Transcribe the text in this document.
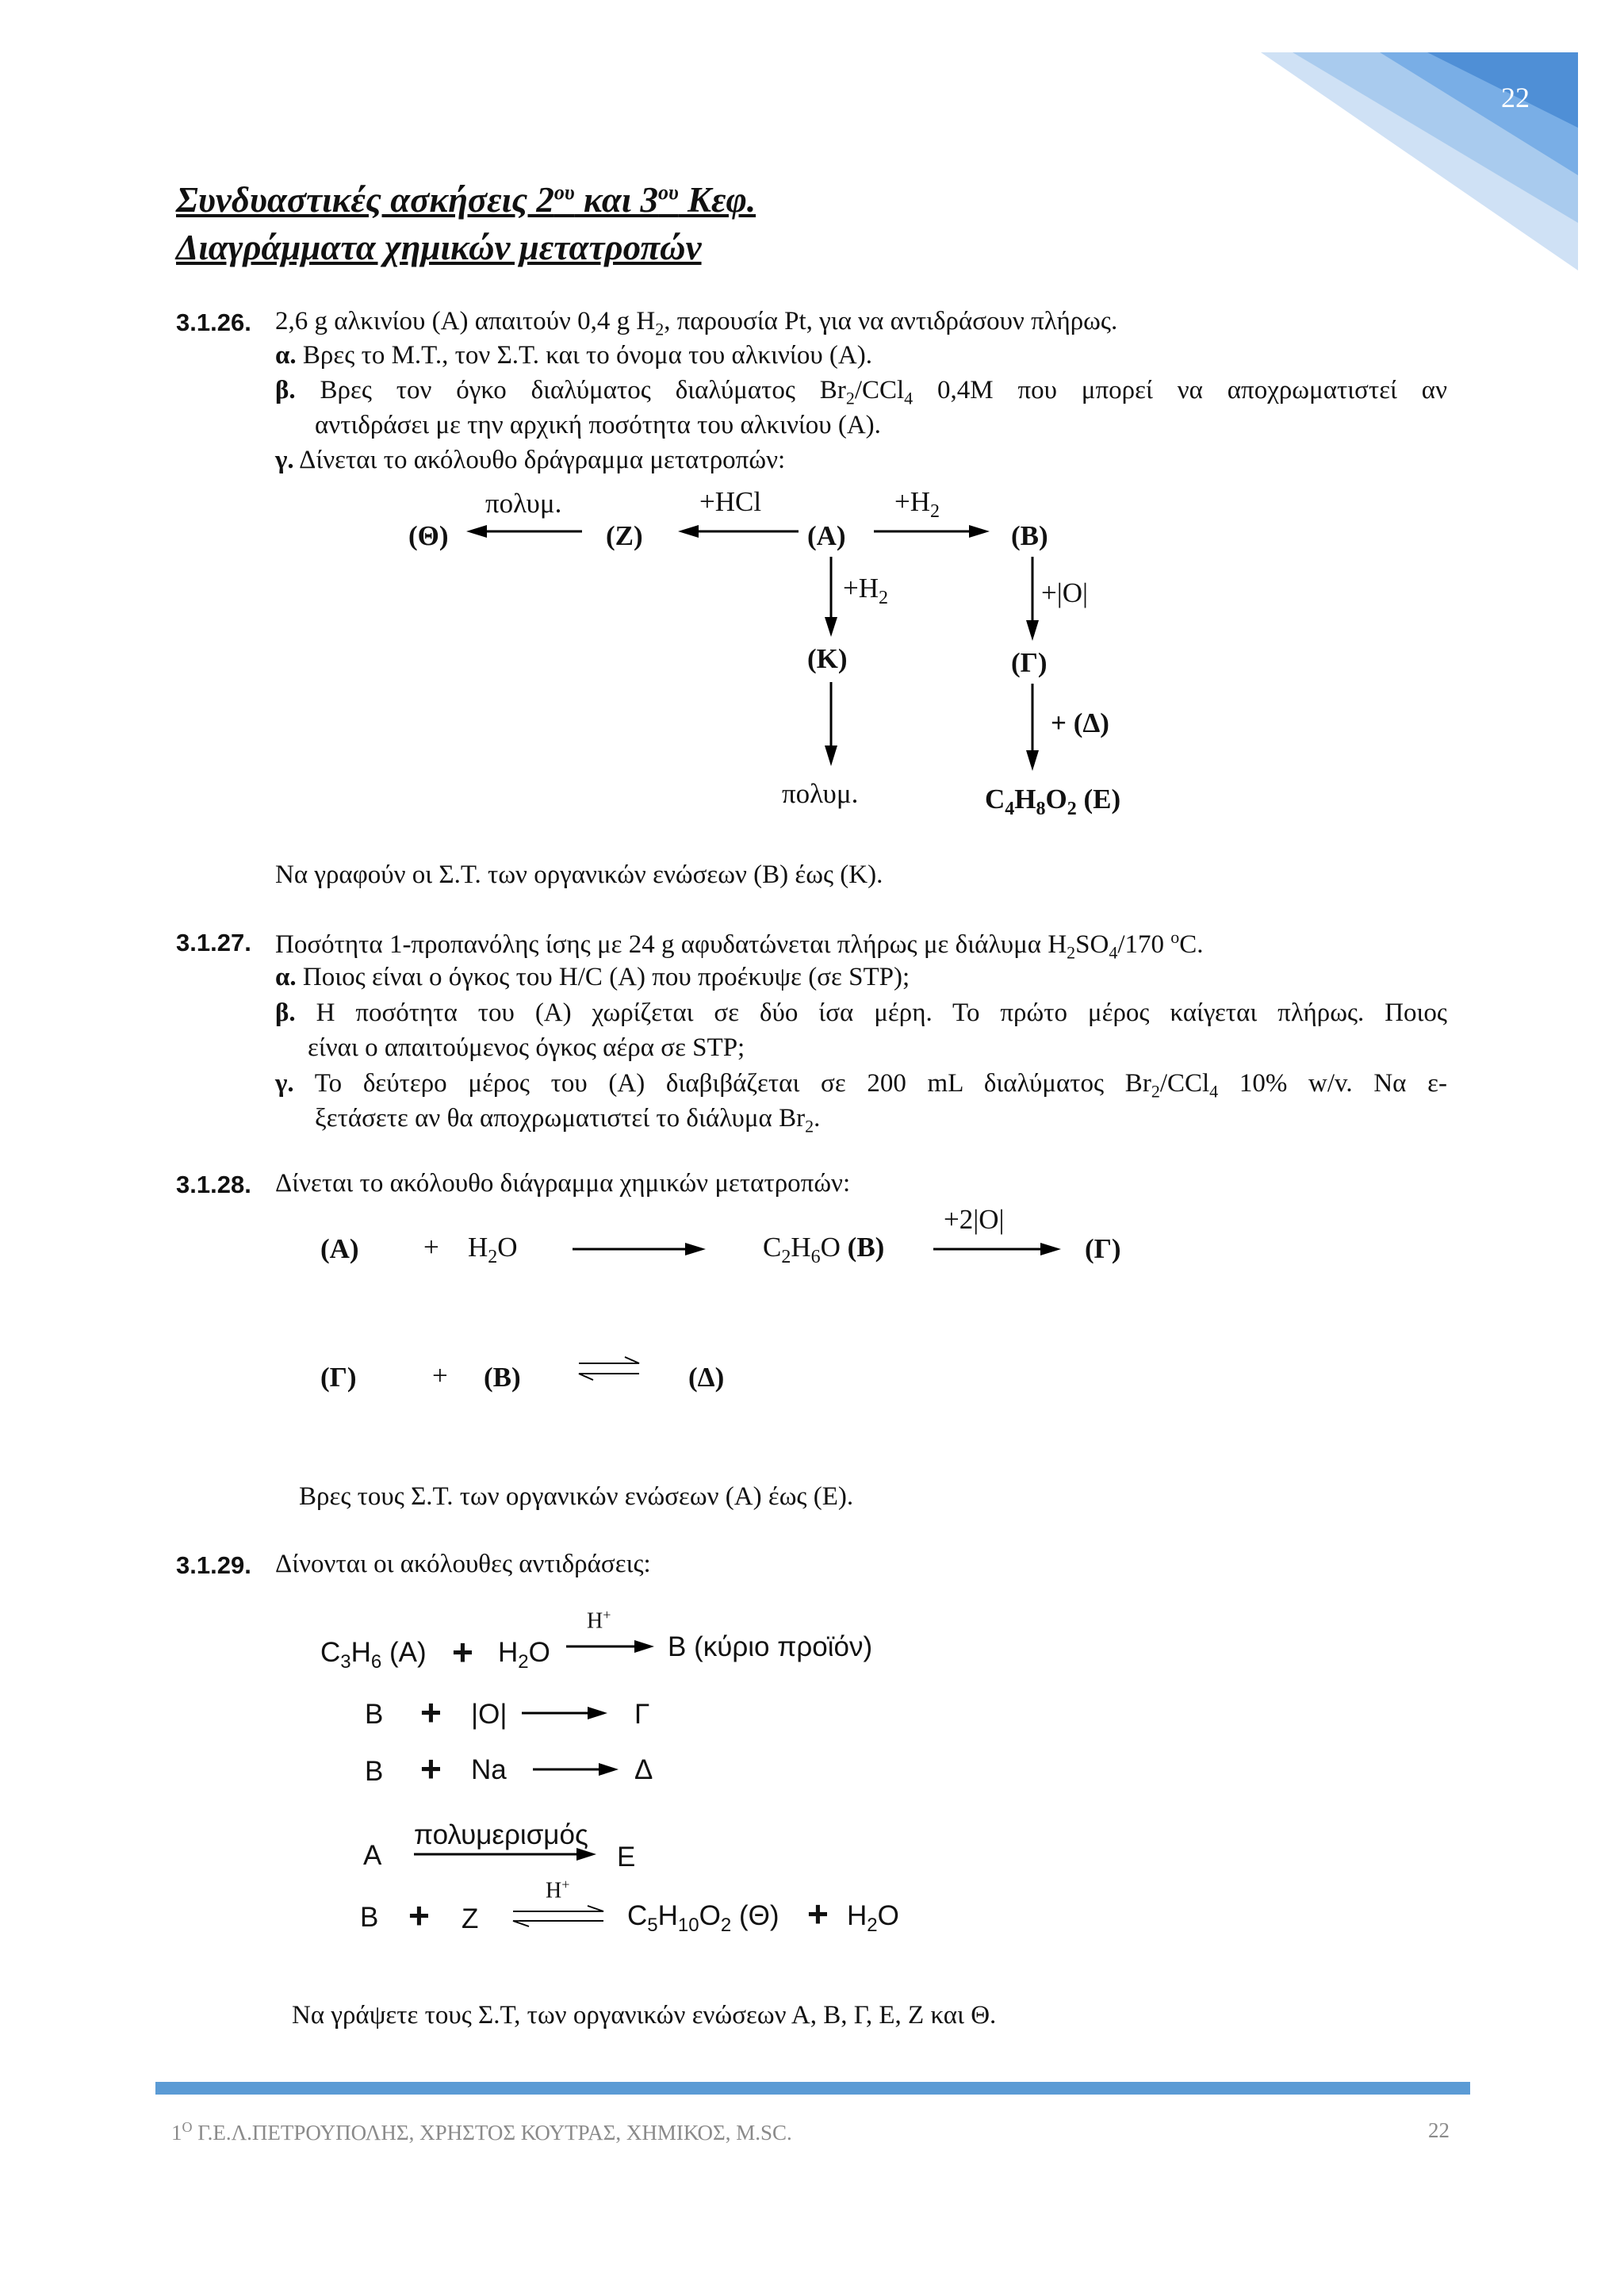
22
Συνδυαστικές ασκήσεις $2^{o\upsilon}$ και $3^{o\upsilon}$ Κεφ.
Διαγράμματα χημικών μετατροπών
3.1.26. 2,6 g αλκινίου (Α) απαιτούν 0,4 g $H_2$, παρουσία Pt, για να αντιδράσουν πλήρως.
α. Βρες το Μ.Τ., τον Σ.Τ. και το όνομα του αλκινίου (Α).
β. Βρες τον όγκο διαλύματος διαλύματος $Br_2/CCl_4$ 0,4M που μπορεί να αποχρωματιστεί αν
αντιδράσει με την αρχική ποσότητα του αλκινίου (Α).
γ. Δίνεται το ακόλουθο δράγραμμα μετατροπών:
πολυμ.	+HCl	$+H_2$
(Θ)	(Z)	(A)	(B)
$+H_2$
(K)
+|O|
(Γ)
+ (Δ)
πολυμ.	$C_4H_8O_2$ (E)
Να γραφούν οι Σ.Τ. των οργανικών ενώσεων (Β) έως (Κ).
3.1.27. Ποσότητα 1-προπανόλης ίσης με 24 g αφυδατώνεται πλήρως με διάλυμα $H_2SO_4/170$ $^o$C.
α. Ποιος είναι ο όγκος του Η/C (Α) που προέκυψε (σε STP);
β. Η ποσότητα του (Α) χωρίζεται σε δύο ίσα μέρη. Το πρώτο μέρος καίγεται πλήρως. Ποιος
είναι ο απαιτούμενος όγκος αέρα σε STP;
γ. Το δεύτερο μέρος του (Α) διαβιβάζεται σε 200 mL διαλύματος $Br_2/CCl_4$ 10% w/v. Να ε-
ξετάσετε αν θα αποχρωματιστεί το διάλυμα $Br_2$.
3.1.28. Δίνεται το ακόλουθο διάγραμμα χημικών μετατροπών:
+2|O|
$(A) + H_2O$	$C_2H_6O$ (B)	(Γ)
(Γ)	+ (B)	(Δ)
Βρες τους Σ.Τ. των οργανικών ενώσεων (Α) έως (Ε).
3.1.29. Δίνονται οι ακόλουθες αντιδράσεις:
H+
$C_3H_6$ $(A) + H_2O$	B (κύριο προϊόν)
B + |O|	Γ
B + Na	Δ
πολυμερισμός
A	E
H+
B + Z	$C_5H_{10}O_2$ $(\Theta) + H_2O$
Να γράψετε τους Σ.Τ, των οργανικών ενώσεων Α, Β, Γ, Ε, Ζ και Θ.
$1^O$ Γ.Ε.Λ.ΠΕΤΡΟΥΠΟΛΗΣ, ΧΡΗΣΤΟΣ ΚΟΥΤΡΑΣ, ΧΗΜΙΚΟΣ, M.SC.	22
